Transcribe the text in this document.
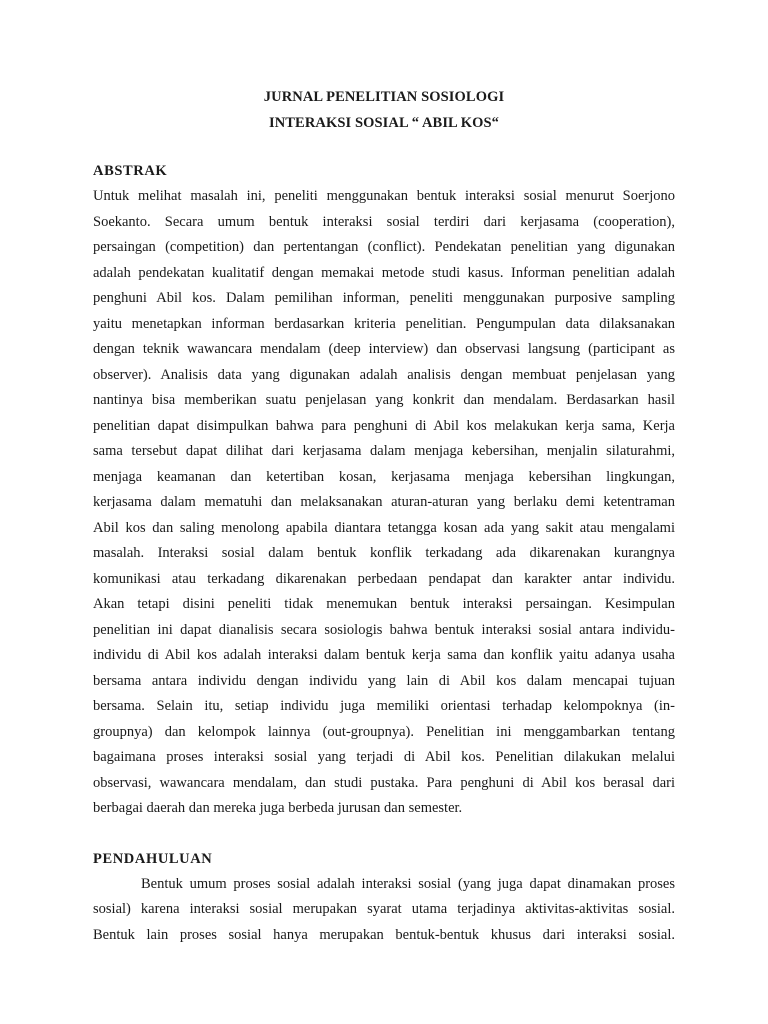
JURNAL PENELITIAN SOSIOLOGI
INTERAKSI SOSIAL “ ABIL KOS“
ABSTRAK

Untuk melihat masalah ini, peneliti menggunakan bentuk interaksi sosial menurut Soerjono
Soekanto. Secara umum bentuk interaksi sosial terdiri dari kerjasama (cooperation),
persaingan (competition) dan pertentangan (conflict). Pendekatan penelitian yang digunakan
adalah pendekatan kualitatif dengan memakai metode studi kasus. Informan penelitian adalah
penghuni Abil kos. Dalam pemilihan informan, peneliti menggunakan purposive sampling
yaitu menetapkan informan berdasarkan kriteria penelitian. Pengumpulan data dilaksanakan
dengan teknik wawancara mendalam (deep interview) dan observasi langsung (participant as
observer). Analisis data yang digunakan adalah analisis dengan membuat penjelasan yang
nantinya bisa memberikan suatu penjelasan yang konkrit dan mendalam. Berdasarkan hasil
penelitian dapat disimpulkan bahwa para penghuni di Abil kos melakukan kerja sama, Kerja
sama tersebut dapat dilihat dari kerjasama dalam menjaga kebersihan, menjalin silaturahmi,
menjaga keamanan dan ketertiban kosan, kerjasama menjaga kebersihan lingkungan,
kerjasama dalam mematuhi dan melaksanakan aturan-aturan yang berlaku demi ketentraman
Abil kos dan saling menolong apabila diantara tetangga kosan ada yang sakit atau mengalami
masalah. Interaksi sosial dalam bentuk konflik terkadang ada dikarenakan kurangnya
komunikasi atau terkadang dikarenakan perbedaan pendapat dan karakter antar individu.
Akan tetapi disini peneliti tidak menemukan bentuk interaksi persaingan. Kesimpulan
penelitian ini dapat dianalisis secara sosiologis bahwa bentuk interaksi sosial antara individu-
individu di Abil kos adalah interaksi dalam bentuk kerja sama dan konflik yaitu adanya usaha
bersama antara individu dengan individu yang lain di Abil kos dalam mencapai tujuan
bersama. Selain itu, setiap individu juga memiliki orientasi terhadap kelompoknya (in-
groupnya) dan kelompok lainnya (out-groupnya). Penelitian ini menggambarkan tentang
bagaimana proses interaksi sosial yang terjadi di Abil kos. Penelitian dilakukan melalui
observasi, wawancara mendalam, dan studi pustaka. Para penghuni di Abil kos berasal dari
berbagai daerah dan mereka juga berbeda jurusan dan semester.

PENDAHULUAN

Bentuk umum proses sosial adalah interaksi sosial (yang juga dapat dinamakan proses
sosial) karena interaksi sosial merupakan syarat utama terjadinya aktivitas-aktivitas sosial.
Bentuk lain proses sosial hanya merupakan bentuk-bentuk khusus dari interaksi sosial.
